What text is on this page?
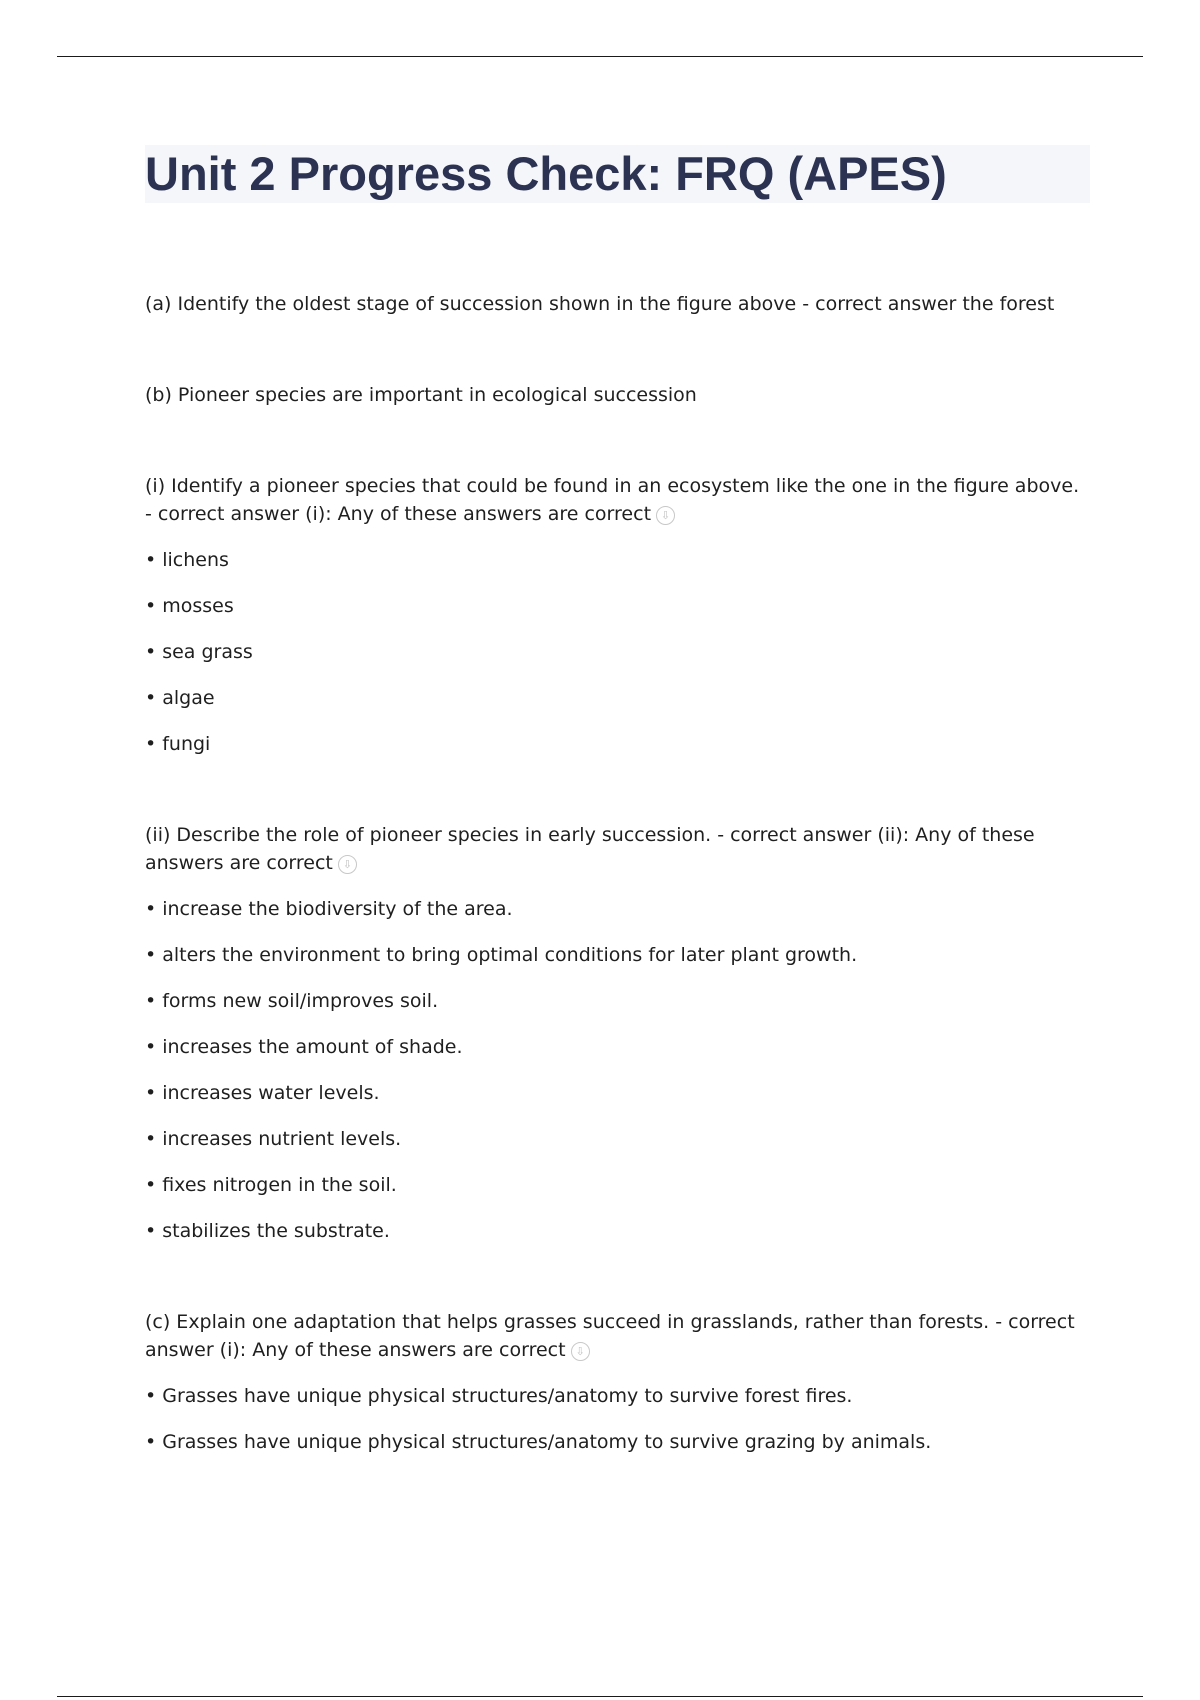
Unit 2 Progress Check: FRQ (APES)

(a) Identify the oldest stage of succession shown in the figure above - correct answer the forest

(b) Pioneer species are important in ecological succession

(i) Identify a pioneer species that could be found in an ecosystem like the one in the figure above. - correct answer (i): Any of these answers are correct ⇩

• lichens
• mosses
• sea grass
• algae
• fungi

(ii) Describe the role of pioneer species in early succession. - correct answer (ii): Any of these answers are correct ⇩

• increase the biodiversity of the area.
• alters the environment to bring optimal conditions for later plant growth.
• forms new soil/improves soil.
• increases the amount of shade.
• increases water levels.
• increases nutrient levels.
• fixes nitrogen in the soil.
• stabilizes the substrate.

(c) Explain one adaptation that helps grasses succeed in grasslands, rather than forests. - correct answer (i): Any of these answers are correct ⇩

• Grasses have unique physical structures/anatomy to survive forest fires.
• Grasses have unique physical structures/anatomy to survive grazing by animals.
